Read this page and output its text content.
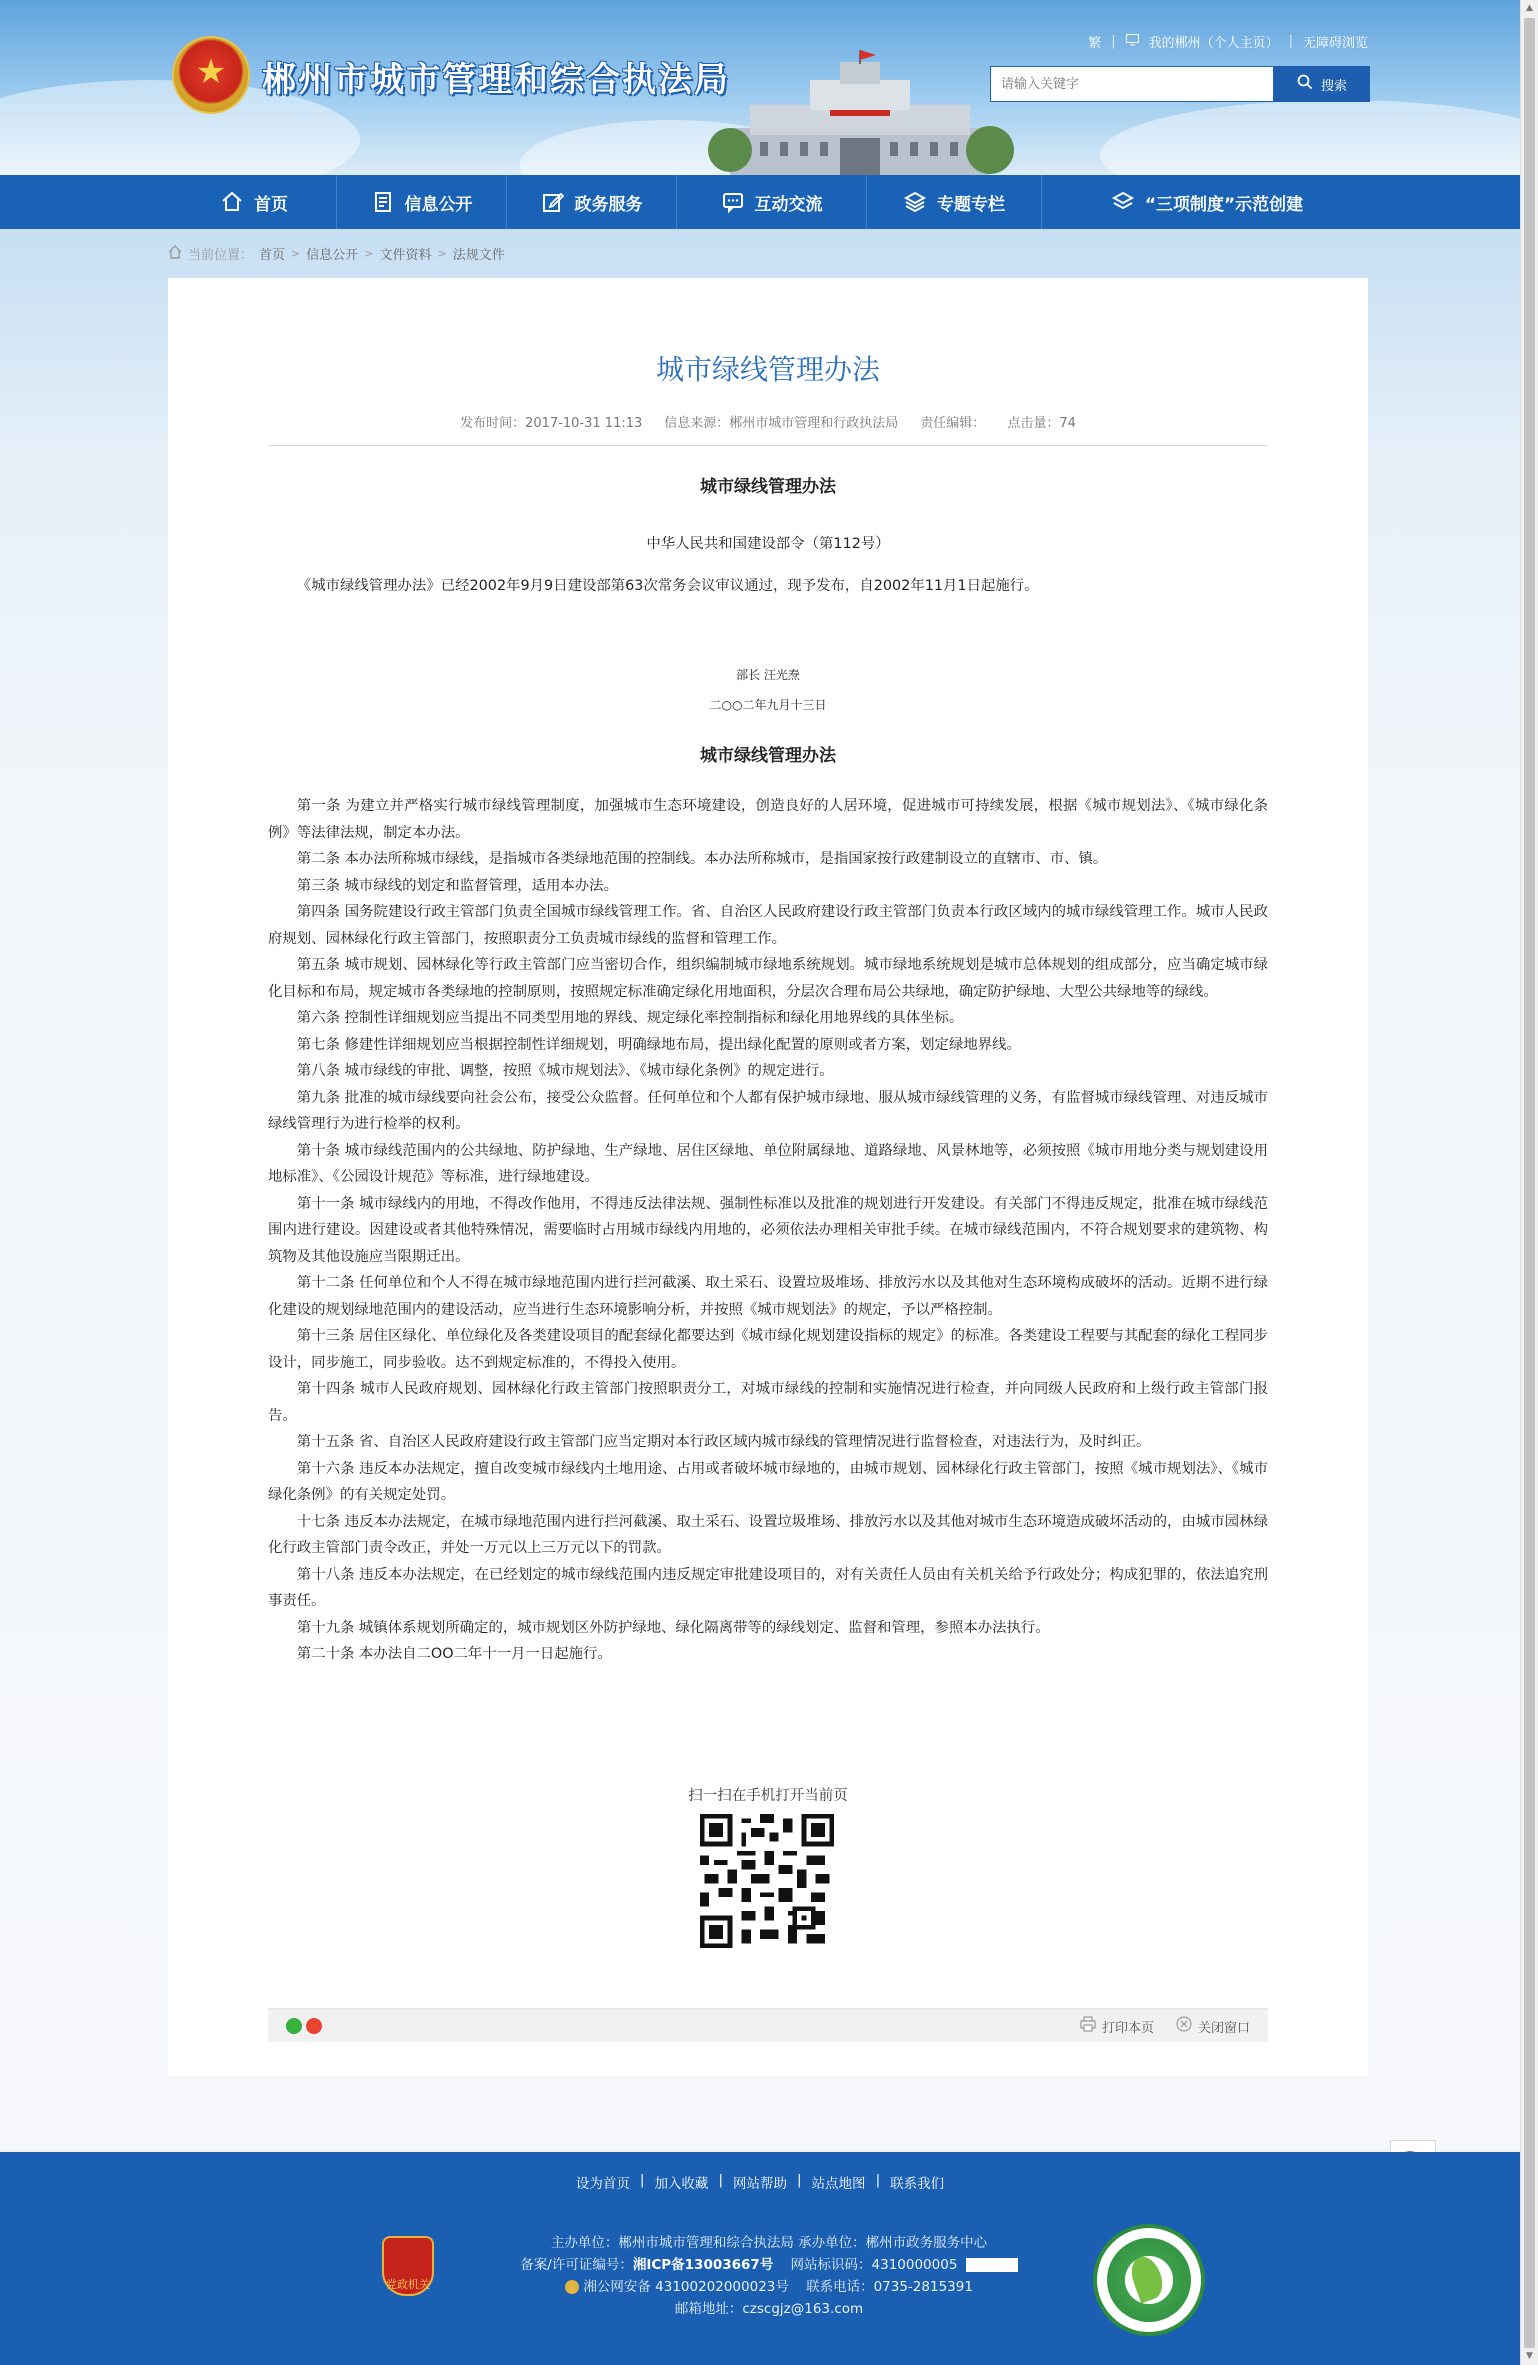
★
郴州市城市管理和综合执法局
繁 |	我的郴州（个人主页） | 无障碍浏览
请输入关键字
搜索
首页	信息公开	政务服务	互动交流	专题专栏	“三项制度”示范创建
当前位置： 首页 > 信息公开 > 文件资料 > 法规文件
城市绿线管理办法
发布时间：2017-10-31 11:13 信息来源：郴州市城市管理和行政执法局 责任编辑： 点击量：74
城市绿线管理办法
中华人民共和国建设部令（第112号）

《城市绿线管理办法》已经2002年9月9日建设部第63次常务会议审议通过，现予发布，自2002年11月1日起施行。

部长 汪光焘
二○○二年九月十三日
城市绿线管理办法

第一条 为建立并严格实行城市绿线管理制度，加强城市生态环境建设，创造良好的人居环境，促进城市可持续发展，根据《城市规划法》、《城市绿化条例》等法律法规，制定本办法。

第二条 本办法所称城市绿线，是指城市各类绿地范围的控制线。本办法所称城市，是指国家按行政建制设立的直辖市、市、镇。

第三条 城市绿线的划定和监督管理，适用本办法。

第四条 国务院建设行政主管部门负责全国城市绿线管理工作。省、自治区人民政府建设行政主管部门负责本行政区域内的城市绿线管理工作。城市人民政府规划、园林绿化行政主管部门，按照职责分工负责城市绿线的监督和管理工作。

第五条 城市规划、园林绿化等行政主管部门应当密切合作，组织编制城市绿地系统规划。城市绿地系统规划是城市总体规划的组成部分，应当确定城市绿化目标和布局，规定城市各类绿地的控制原则，按照规定标准确定绿化用地面积，分层次合理布局公共绿地，确定防护绿地、大型公共绿地等的绿线。

第六条 控制性详细规划应当提出不同类型用地的界线、规定绿化率控制指标和绿化用地界线的具体坐标。

第七条 修建性详细规划应当根据控制性详细规划，明确绿地布局，提出绿化配置的原则或者方案，划定绿地界线。

第八条 城市绿线的审批、调整，按照《城市规划法》、《城市绿化条例》的规定进行。

第九条 批准的城市绿线要向社会公布，接受公众监督。任何单位和个人都有保护城市绿地、服从城市绿线管理的义务，有监督城市绿线管理、对违反城市绿线管理行为进行检举的权利。

第十条 城市绿线范围内的公共绿地、防护绿地、生产绿地、居住区绿地、单位附属绿地、道路绿地、风景林地等，必须按照《城市用地分类与规划建设用地标准》、《公园设计规范》等标准，进行绿地建设。

第十一条 城市绿线内的用地，不得改作他用，不得违反法律法规、强制性标准以及批准的规划进行开发建设。有关部门不得违反规定，批准在城市绿线范围内进行建设。因建设或者其他特殊情况，需要临时占用城市绿线内用地的，必须依法办理相关审批手续。在城市绿线范围内，不符合规划要求的建筑物、构筑物及其他设施应当限期迁出。

第十二条 任何单位和个人不得在城市绿地范围内进行拦河截溪、取土采石、设置垃圾堆场、排放污水以及其他对生态环境构成破坏的活动。近期不进行绿化建设的规划绿地范围内的建设活动，应当进行生态环境影响分析，并按照《城市规划法》的规定，予以严格控制。

第十三条 居住区绿化、单位绿化及各类建设项目的配套绿化都要达到《城市绿化规划建设指标的规定》的标准。各类建设工程要与其配套的绿化工程同步设计，同步施工，同步验收。达不到规定标准的，不得投入使用。

第十四条 城市人民政府规划、园林绿化行政主管部门按照职责分工，对城市绿线的控制和实施情况进行检查，并向同级人民政府和上级行政主管部门报告。

第十五条 省、自治区人民政府建设行政主管部门应当定期对本行政区域内城市绿线的管理情况进行监督检查，对违法行为，及时纠正。

第十六条 违反本办法规定，擅自改变城市绿线内土地用途、占用或者破坏城市绿地的，由城市规划、园林绿化行政主管部门，按照《城市规划法》、《城市绿化条例》的有关规定处罚。

十七条 违反本办法规定，在城市绿地范围内进行拦河截溪、取土采石、设置垃圾堆场、排放污水以及其他对城市生态环境造成破坏活动的，由城市园林绿化行政主管部门责令改正，并处一万元以上三万元以下的罚款。

第十八条 违反本办法规定，在已经划定的城市绿线范围内违反规定审批建设项目的，对有关责任人员由有关机关给予行政处分；构成犯罪的，依法追究刑事责任。

第十九条 城镇体系规划所确定的，城市规划区外防护绿地、绿化隔离带等的绿线划定、监督和管理，参照本办法执行。

第二十条 本办法自二OO二年十一月一日起施行。

扫一扫在手机打开当前页
打印本页	关闭窗口
设为首页 | 加入收藏 | 网站帮助 | 站点地图 | 联系我们
党政机关
主办单位：郴州市城市管理和综合执法局 承办单位：郴州市政务服务中心
备案/许可证编号：湘ICP备13003667号 网站标识码：4310000005
湘公网安备 43100202000023号 联系电话：0735-2815391
邮箱地址：czscgjz@163.com
▲
▼
